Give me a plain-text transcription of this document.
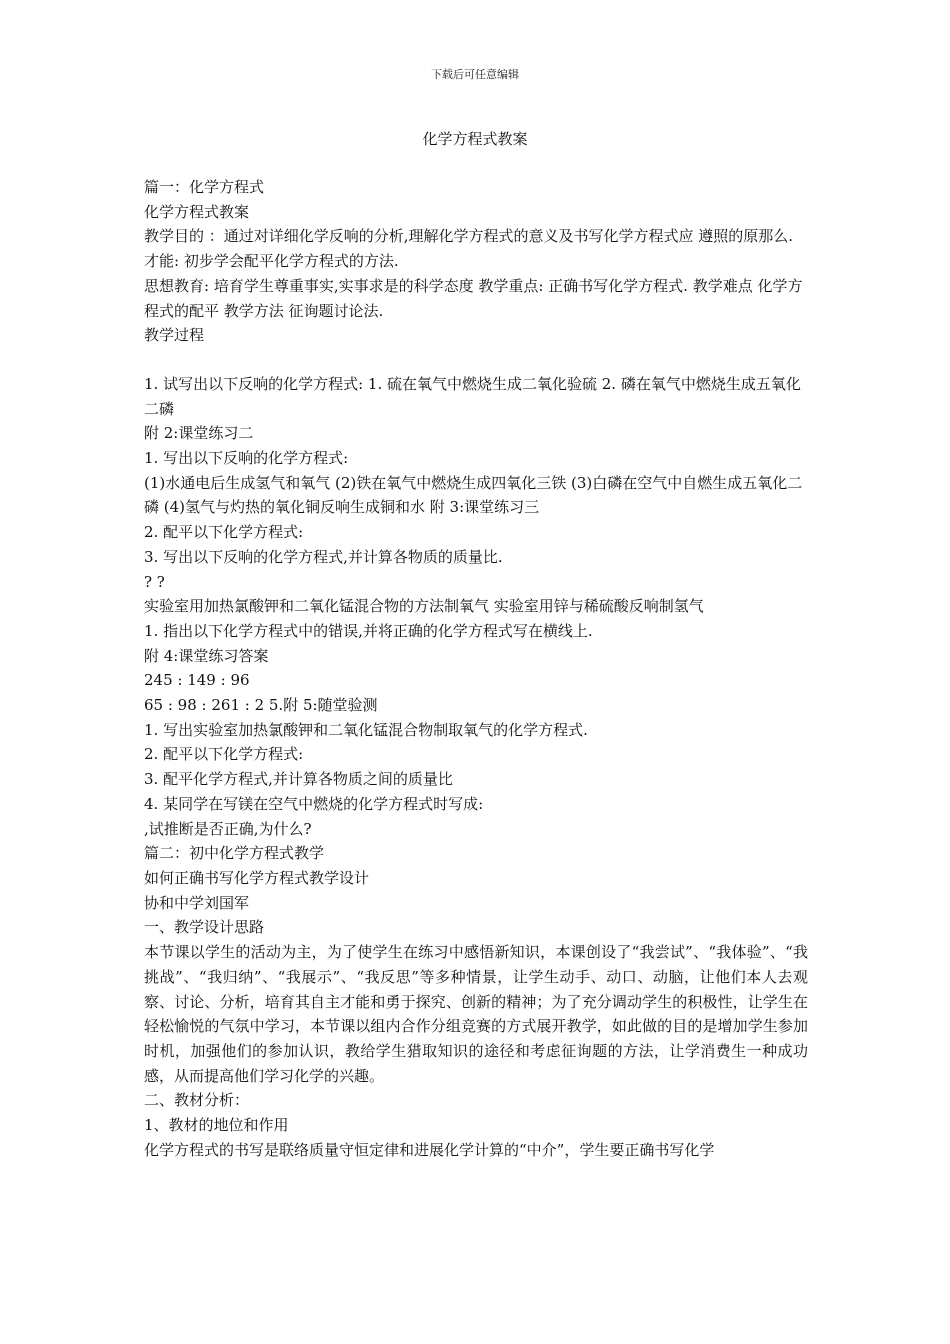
下载后可任意编辑
化学方程式教案

篇一：化学方程式

化学方程式教案

教学目的 ：通过对详细化学反响的分析,理解化学方程式的意义及书写化学方程式应 遵照的原那么.

才能: 初步学会配平化学方程式的方法.

思想教育: 培育学生尊重事实,实事求是的科学态度 教学重点: 正确书写化学方程式. 教学难点 化学方程式的配平 教学方法 征询题讨论法.

教学过程

1. 试写出以下反响的化学方程式: 1. 硫在氧气中燃烧生成二氧化验硫 2. 磷在氧气中燃烧生成五氧化二磷

附 2:课堂练习二

1. 写出以下反响的化学方程式:

(1)水通电后生成氢气和氧气 (2)铁在氧气中燃烧生成四氧化三铁 (3)白磷在空气中自燃生成五氧化二磷 (4)氢气与灼热的氧化铜反响生成铜和水 附 3:课堂练习三

2. 配平以下化学方程式:

3. 写出以下反响的化学方程式,并计算各物质的质量比.

? ?

实验室用加热氯酸钾和二氧化锰混合物的方法制氧气 实验室用锌与稀硫酸反响制氢气

1. 指出以下化学方程式中的错误,并将正确的化学方程式写在横线上.

附 4:课堂练习答案

245 : 149 : 96

65 : 98 : 261 : 2 5.附 5:随堂验测

1. 写出实验室加热氯酸钾和二氧化锰混合物制取氧气的化学方程式.

2. 配平以下化学方程式:

3. 配平化学方程式,并计算各物质之间的质量比

4. 某同学在写镁在空气中燃烧的化学方程式时写成:

,试推断是否正确,为什么?

篇二：初中化学方程式教学

如何正确书写化学方程式教学设计

协和中学刘国军

一、教学设计思路

本节课以学生的活动为主，为了使学生在练习中感悟新知识，本课创设了“我尝试”、“我体验”、“我挑战”、“我归纳”、“我展示”、“我反思”等多种情景，让学生动手、动口、动脑，让他们本人去观察、讨论、分析，培育其自主才能和勇于探究、创新的精神；为了充分调动学生的积极性，让学生在轻松愉悦的气氛中学习，本节课以组内合作分组竞赛的方式展开教学，如此做的目的是增加学生参加时机，加强他们的参加认识，教给学生猎取知识的途径和考虑征询题的方法，让学消费生一种成功感，从而提高他们学习化学的兴趣。

二、教材分析：

1、教材的地位和作用

化学方程式的书写是联络质量守恒定律和进展化学计算的“中介”，学生要正确书写化学
